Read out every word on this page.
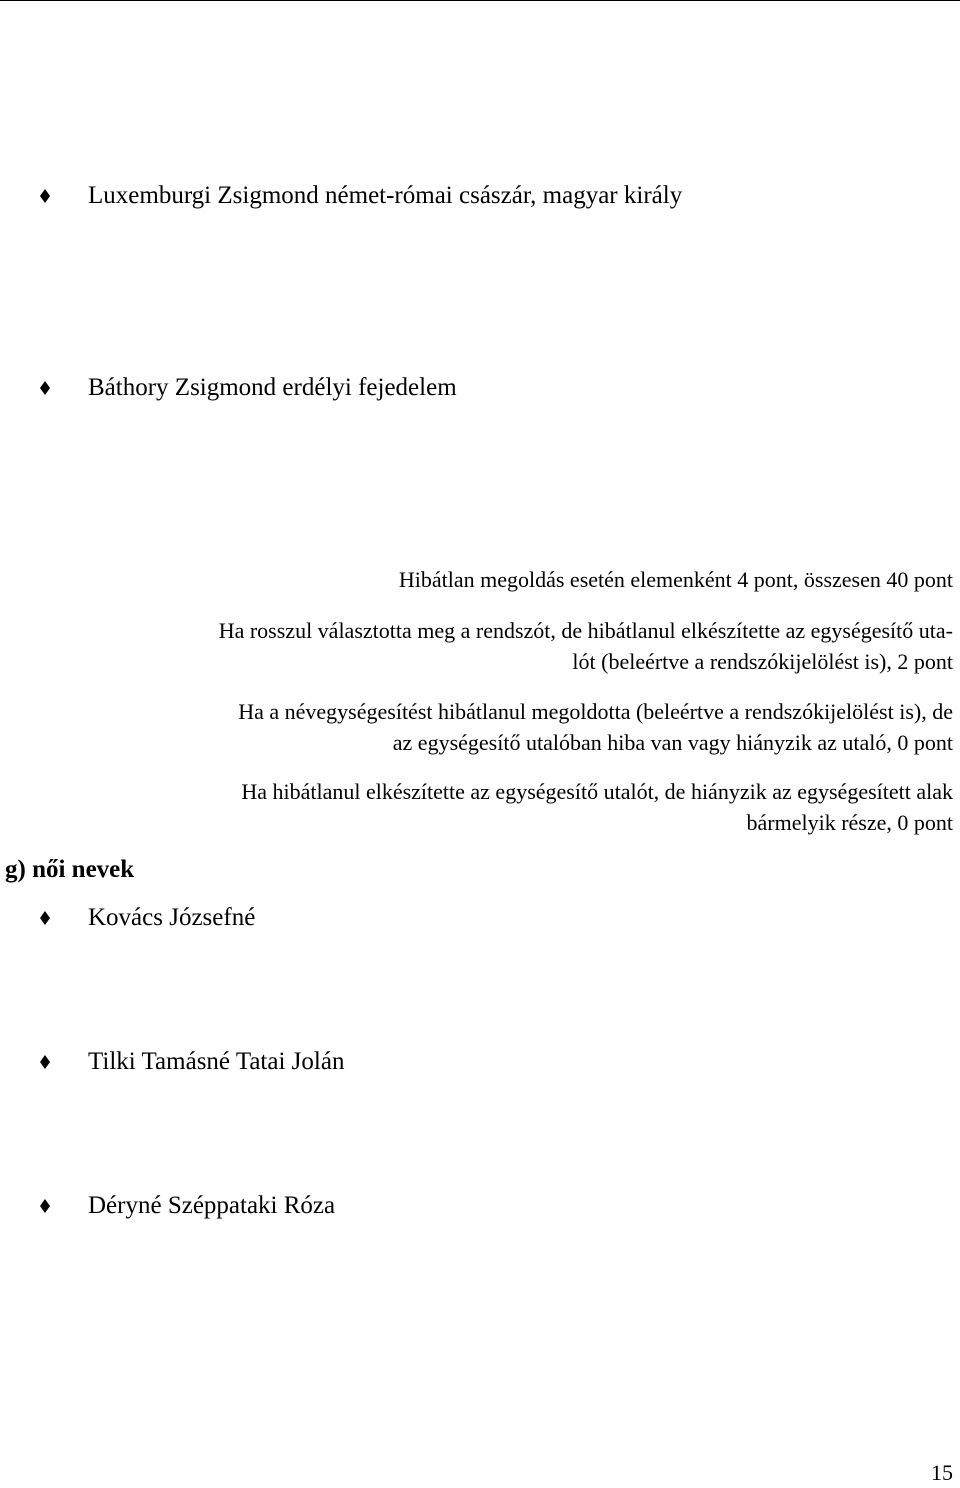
Luxemburgi Zsigmond német-római császár, magyar király
Báthory Zsigmond erdélyi fejedelem
Hibátlan megoldás esetén elemenként 4 pont, összesen 40 pont
Ha rosszul választotta meg a rendszót, de hibátlanul elkészítette az egységesítő uta-
lót (beleértve a rendszókijelölést is), 2 pont
Ha a névegységesítést hibátlanul megoldotta (beleértve a rendszókijelölést is), de
az egységesítő utalóban hiba van vagy hiányzik az utaló, 0 pont
Ha hibátlanul elkészítette az egységesítő utalót, de hiányzik az egységesített alak
bármelyik része, 0 pont
g) női nevek
Kovács Józsefné
Tilki Tamásné Tatai Jolán
Déryné Széppataki Róza
15
